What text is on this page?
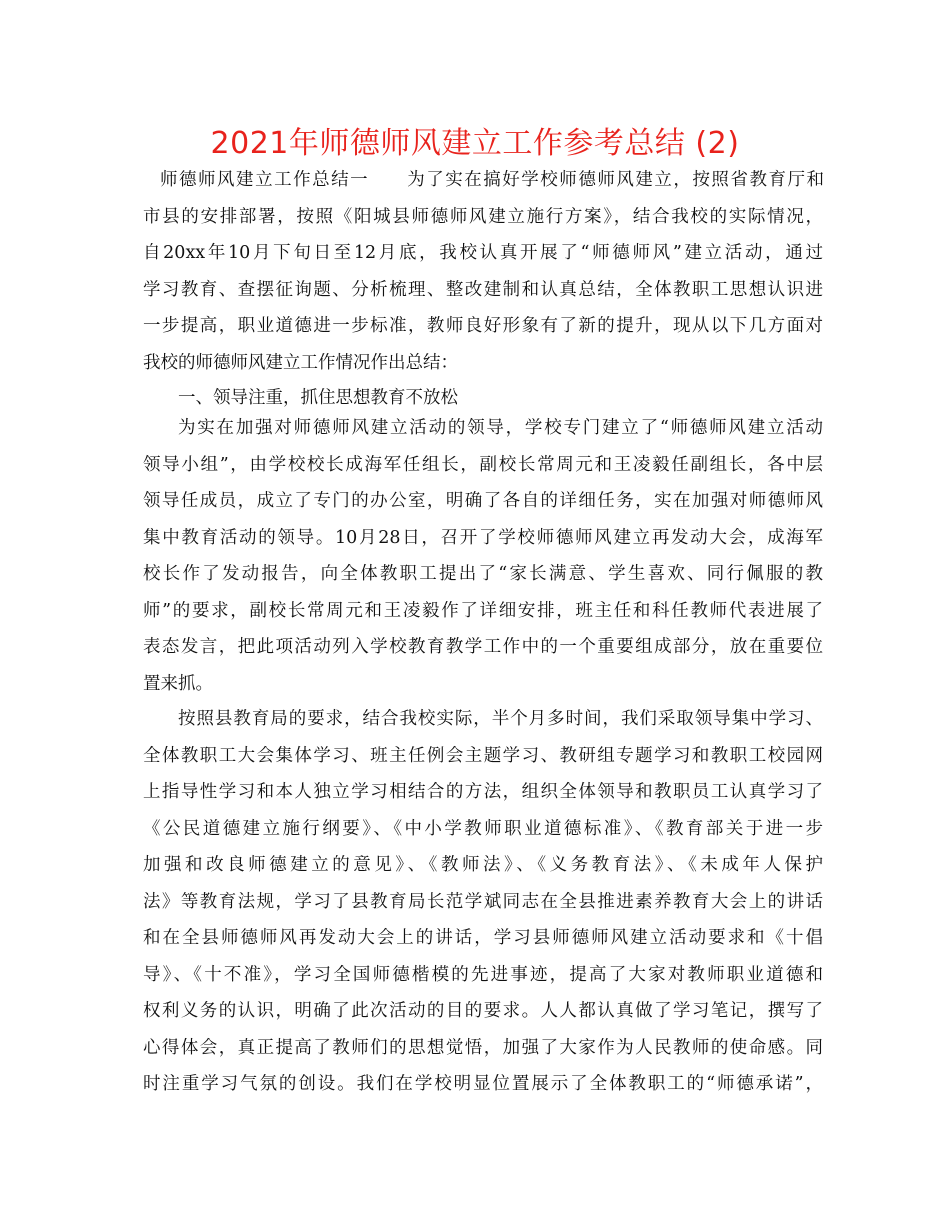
2021年师德师风建立工作参考总结 (2)
师德师风建立工作总结一　　为了实在搞好学校师德师风建立，按照省教育厅和
市县的安排部署，按照《阳城县师德师风建立施行方案》，结合我校的实际情况，
自20xx年10月下旬日至12月底，我校认真开展了“师德师风”建立活动，通过
学习教育、查摆征询题、分析梳理、整改建制和认真总结，全体教职工思想认识进
一步提高，职业道德进一步标准，教师良好形象有了新的提升，现从以下几方面对
我校的师德师风建立工作情况作出总结：
一、领导注重，抓住思想教育不放松
为实在加强对师德师风建立活动的领导，学校专门建立了“师德师风建立活动
领导小组”，由学校校长成海军任组长，副校长常周元和王凌毅任副组长，各中层
领导任成员，成立了专门的办公室，明确了各自的详细任务，实在加强对师德师风
集中教育活动的领导。10月28日，召开了学校师德师风建立再发动大会，成海军
校长作了发动报告，向全体教职工提出了“家长满意、学生喜欢、同行佩服的教
师”的要求，副校长常周元和王凌毅作了详细安排，班主任和科任教师代表进展了
表态发言，把此项活动列入学校教育教学工作中的一个重要组成部分，放在重要位
置来抓。
按照县教育局的要求，结合我校实际，半个月多时间，我们采取领导集中学习、
全体教职工大会集体学习、班主任例会主题学习、教研组专题学习和教职工校园网
上指导性学习和本人独立学习相结合的方法，组织全体领导和教职员工认真学习了
《公民道德建立施行纲要》、《中小学教师职业道德标准》、《教育部关于进一步
加强和改良师德建立的意见》、《教师法》、《义务教育法》、《未成年人保护
法》等教育法规，学习了县教育局长范学斌同志在全县推进素养教育大会上的讲话
和在全县师德师风再发动大会上的讲话，学习县师德师风建立活动要求和《十倡
导》、《十不准》，学习全国师德楷模的先进事迹，提高了大家对教师职业道德和
权利义务的认识，明确了此次活动的目的要求。人人都认真做了学习笔记，撰写了
心得体会，真正提高了教师们的思想觉悟，加强了大家作为人民教师的使命感。同
时注重学习气氛的创设。我们在学校明显位置展示了全体教职工的“师德承诺”，
